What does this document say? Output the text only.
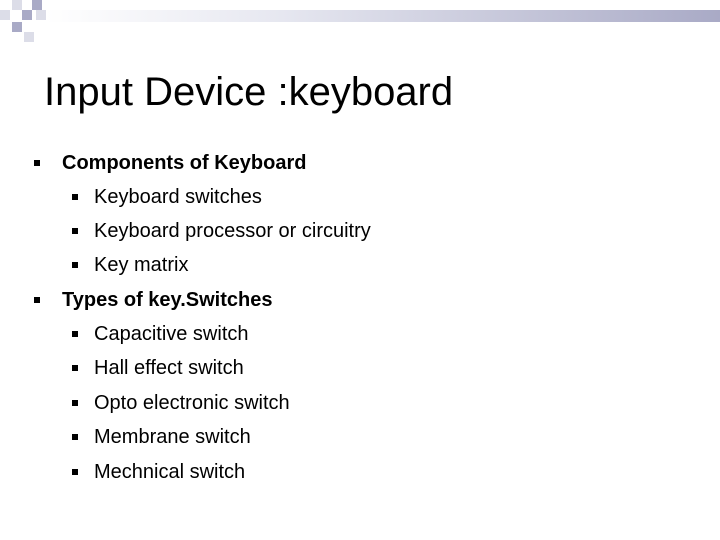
Input Device :keyboard
Components of Keyboard
Keyboard switches
Keyboard processor or circuitry
Key matrix
Types of key.Switches
Capacitive switch
Hall effect switch
Opto electronic switch
Membrane switch
Mechnical switch
